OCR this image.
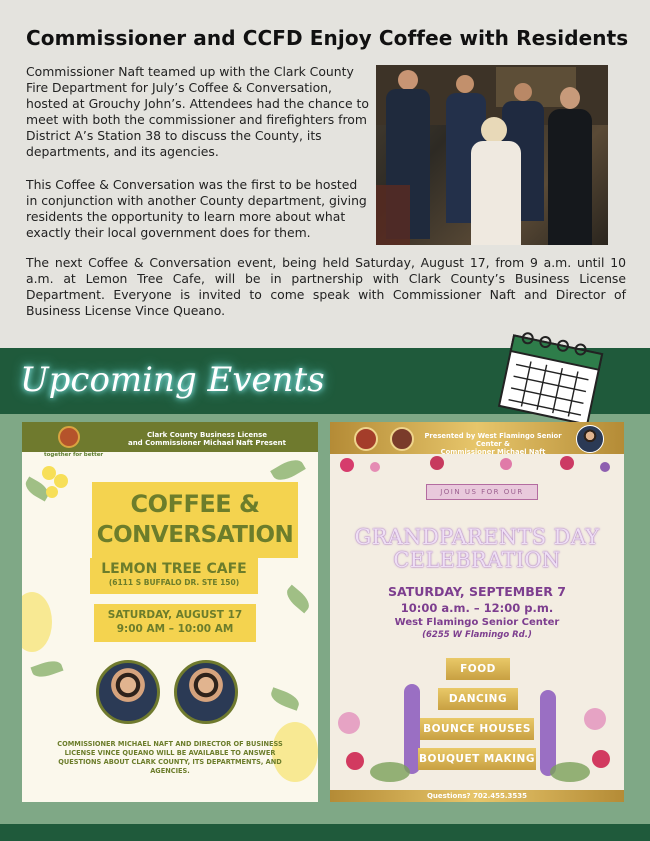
Commissioner and CCFD Enjoy Coffee with Residents

Commissioner Naft teamed up with the Clark County Fire Department for July’s Coffee & Conversation, hosted at Grouchy John’s. Attendees had the chance to meet with both the commissioner and firefighters from District A’s Station 38 to discuss the County, its departments, and its agencies.

This Coffee & Conversation was the first to be hosted in conjunction with another County department, giving residents the opportunity to learn more about what exactly their local government does for them.

The next Coffee & Conversation event, being held Saturday, August 17, from 9 a.m. until 10 a.m. at Lemon Tree Cafe, will be in partnership with Clark County’s Business License Department. Everyone is invited to come speak with Commissioner Naft and Director of Business License Vince Queano.

Upcoming Events
together for better
Clark County Business License
and Commissioner Michael Naft Present
COFFEE &
CONVERSATION
LEMON TREE CAFE
(6111 S BUFFALO DR. STE 150)
SATURDAY, AUGUST 17
9:00 AM – 10:00 AM
COMMISSIONER MICHAEL NAFT AND DIRECTOR OF BUSINESS LICENSE VINCE QUEANO WILL BE AVAILABLE TO ANSWER QUESTIONS ABOUT CLARK COUNTY, ITS DEPARTMENTS, AND AGENCIES.
Presented by West Flamingo Senior Center &
Commissioner Michael Naft
JOIN US FOR OUR
GRANDPARENTS DAY
CELEBRATION
SATURDAY, SEPTEMBER 7
10:00 a.m. – 12:00 p.m.
West Flamingo Senior Center
(6255 W Flamingo Rd.)
FOOD
DANCING
BOUNCE HOUSES
BOUQUET MAKING
Questions? 702.455.3535
